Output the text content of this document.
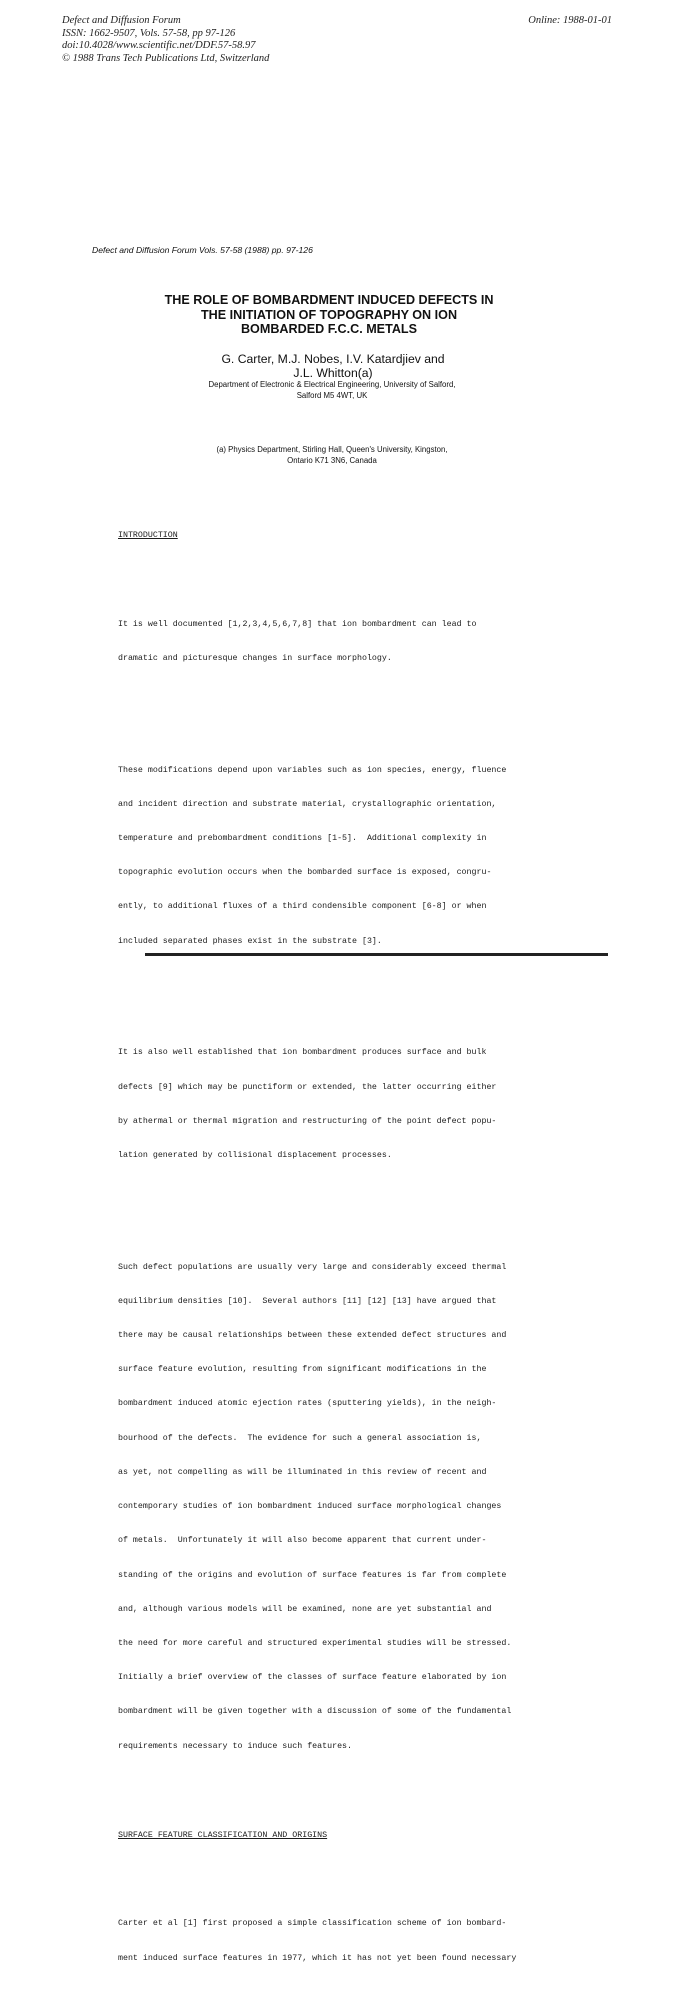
Defect and Diffusion Forum
ISSN: 1662-9507, Vols. 57-58, pp 97-126
doi:10.4028/www.scientific.net/DDF.57-58.97
© 1988 Trans Tech Publications Ltd, Switzerland
Online: 1988-01-01
Defect and Diffusion Forum Vols. 57-58 (1988) pp. 97-126
THE ROLE OF BOMBARDMENT INDUCED DEFECTS IN
THE INITIATION OF TOPOGRAPHY ON ION
BOMBARDED F.C.C. METALS
G. Carter, M.J. Nobes, I.V. Katardjiev and
J.L. Whitton(a)
Department of Electronic & Electrical Engineering, University of Salford,
Salford M5 4WT, UK
(a) Physics Department, Stirling Hall, Queen's University, Kingston,
Ontario K71 3N6, Canada

INTRODUCTION

It is well documented [1,2,3,4,5,6,7,8] that ion bombardment can lead to

dramatic and picturesque changes in surface morphology.

These modifications depend upon variables such as ion species, energy, fluence

and incident direction and substrate material, crystallographic orientation,

temperature and prebombardment conditions [1-5].  Additional complexity in

topographic evolution occurs when the bombarded surface is exposed, congru-

ently, to additional fluxes of a third condensible component [6-8] or when

included separated phases exist in the substrate [3].

It is also well established that ion bombardment produces surface and bulk

defects [9] which may be punctiform or extended, the latter occurring either

by athermal or thermal migration and restructuring of the point defect popu-

lation generated by collisional displacement processes.

Such defect populations are usually very large and considerably exceed thermal

equilibrium densities [10].  Several authors [11] [12] [13] have argued that

there may be causal relationships between these extended defect structures and

surface feature evolution, resulting from significant modifications in the

bombardment induced atomic ejection rates (sputtering yields), in the neigh-

bourhood of the defects.  The evidence for such a general association is,

as yet, not compelling as will be illuminated in this review of recent and

contemporary studies of ion bombardment induced surface morphological changes

of metals.  Unfortunately it will also become apparent that current under-

standing of the origins and evolution of surface features is far from complete

and, although various models will be examined, none are yet substantial and

the need for more careful and structured experimental studies will be stressed.

Initially a brief overview of the classes of surface feature elaborated by ion

bombardment will be given together with a discussion of some of the fundamental

requirements necessary to induce such features.

SURFACE FEATURE CLASSIFICATION AND ORIGINS

Carter et al [1] first proposed a simple classification scheme of ion bombard-

ment induced surface features in 1977, which it has not yet been found necessary
